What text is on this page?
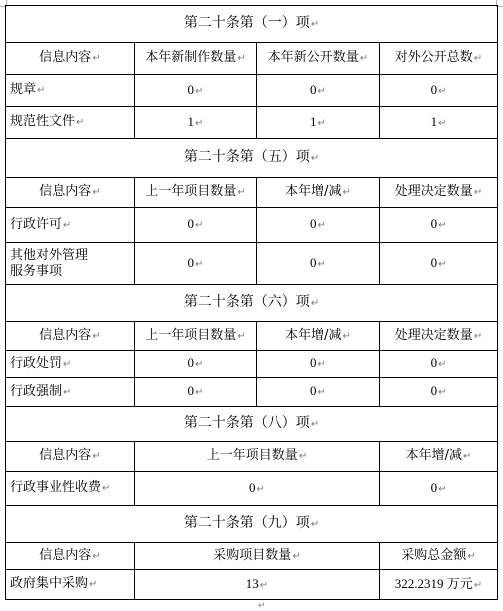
第二十条第（一）项↵			
信息内容↵	本年新制作数量↵	本年新公开数量↵	对外公开总数↵
规章↵	0↵	0↵	0↵
规范性文件↵	1↵	1↵	1↵
第二十条第（五）项↵			
信息内容↵	上一年项目数量↵	本年增/减↵	处理决定数量↵
行政许可↵	0↵	0↵	0↵
其他对外管理
服务事项	0↵	0↵	0↵
第二十条第（六）项↵			
信息内容↵	上一年项目数量↵	本年增/减↵	处理决定数量↵
行政处罚↵	0↵	0↵	0↵
行政强制↵	0↵	0↵	0↵
第二十条第（八）项↵			
信息内容↵	上一年项目数量↵		本年增/减↵
行政事业性收费↵	0↵		0↵
第二十条第（九）项↵			
信息内容↵	采购项目数量↵		采购总金额↵
政府集中采购↵	13↵		322.2319 万元↵
↵
